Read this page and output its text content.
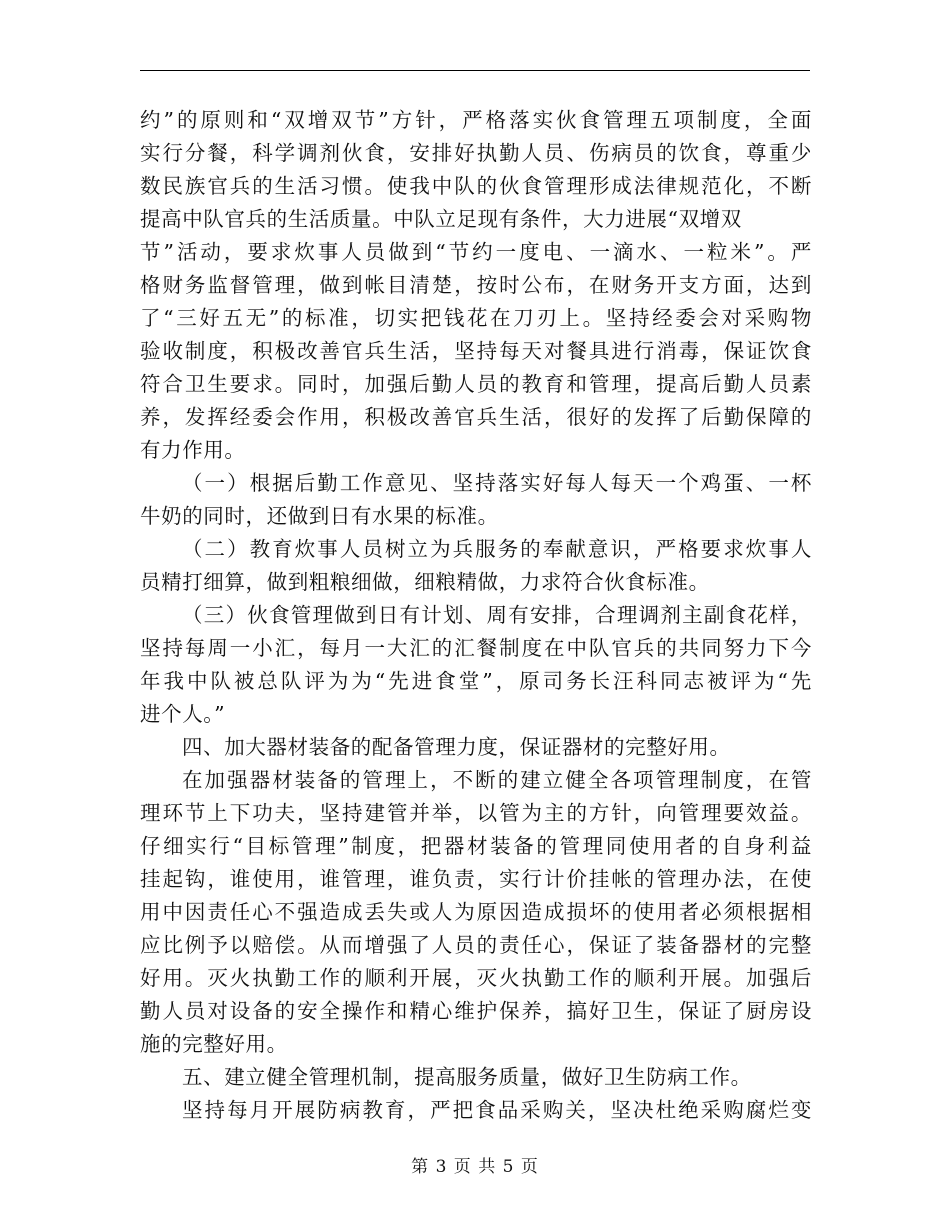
约”的原则和“双增双节”方针，严格落实伙食管理五项制度，全面
实行分餐，科学调剂伙食，安排好执勤人员、伤病员的饮食，尊重少
数民族官兵的生活习惯。使我中队的伙食管理形成法律规范化，不断
提高中队官兵的生活质量。中队立足现有条件，大力进展“双增双
节”活动，要求炊事人员做到“节约一度电、一滴水、一粒米”。严
格财务监督管理，做到帐目清楚，按时公布，在财务开支方面，达到
了“三好五无”的标准，切实把钱花在刀刃上。坚持经委会对采购物
验收制度，积极改善官兵生活，坚持每天对餐具进行消毒，保证饮食
符合卫生要求。同时，加强后勤人员的教育和管理，提高后勤人员素
养，发挥经委会作用，积极改善官兵生活，很好的发挥了后勤保障的
有力作用。
（一）根据后勤工作意见、坚持落实好每人每天一个鸡蛋、一杯
牛奶的同时，还做到日有水果的标准。
（二）教育炊事人员树立为兵服务的奉献意识，严格要求炊事人
员精打细算，做到粗粮细做，细粮精做，力求符合伙食标准。
（三）伙食管理做到日有计划、周有安排，合理调剂主副食花样，
坚持每周一小汇，每月一大汇的汇餐制度在中队官兵的共同努力下今
年我中队被总队评为为“先进食堂”，原司务长汪科同志被评为“先
进个人。”
四、加大器材装备的配备管理力度，保证器材的完整好用。
在加强器材装备的管理上，不断的建立健全各项管理制度，在管
理环节上下功夫，坚持建管并举，以管为主的方针，向管理要效益。
仔细实行“目标管理”制度，把器材装备的管理同使用者的自身利益
挂起钩，谁使用，谁管理，谁负责，实行计价挂帐的管理办法，在使
用中因责任心不强造成丢失或人为原因造成损坏的使用者必须根据相
应比例予以赔偿。从而增强了人员的责任心，保证了装备器材的完整
好用。灭火执勤工作的顺利开展，灭火执勤工作的顺利开展。加强后
勤人员对设备的安全操作和精心维护保养，搞好卫生，保证了厨房设
施的完整好用。
五、建立健全管理机制，提高服务质量，做好卫生防病工作。
坚持每月开展防病教育，严把食品采购关，坚决杜绝采购腐烂变
第 3 页 共 5 页
